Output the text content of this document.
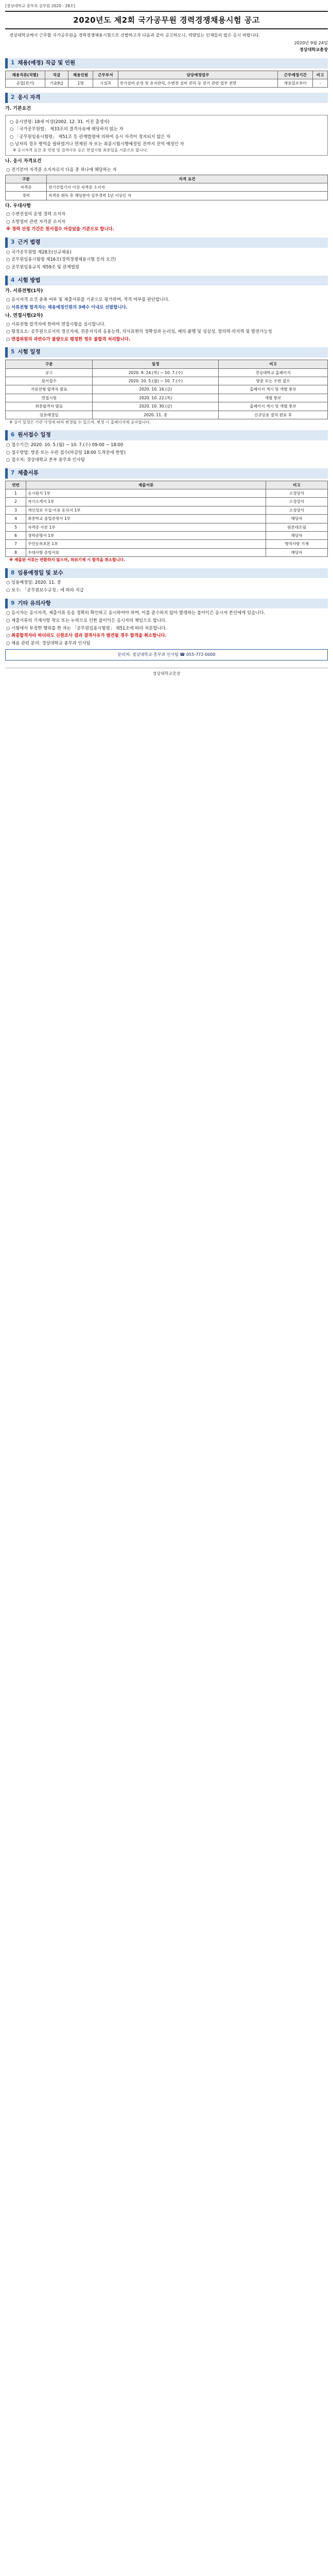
[경상대학교 총무과 공무원 2020 - 28호]
2020년도 제2회 국가공무원 경력경쟁채용시험 공고
경상대학교에서 근무할 국가공무원을 경력경쟁채용시험으로 선발하고자 다음과 같이 공고하오니, 역량있는 인재들의 많은 응시 바랍니다.
2020년 9월 24일
경상대학교총장
1 채용(예정) 직급 및 인원
채용직류(직렬)	직급	채용인원	근무부서	담당예정업무	근무예정기간	비고
공업(전기)	기술9급	1명	시설과	전기설비 운영 및 유지관리, 수변전 설비 관리 등 전기 관련 업무 전반	채용일로부터	-
2 응시 자격
가. 기본요건
○ 응시연령: 18세 이상(2002. 12. 31. 이전 출생자)
○ 「국가공무원법」 제33조의 결격사유에 해당하지 않는 자
○ 「공무원임용시험령」 제51조 등 관계법령에 의하여 응시 자격이 정지되지 않은 자
○ 남자의 경우 병역을 필하였거나 면제된 자 또는 최종시험시행예정일 전까지 전역 예정인 자
※ 응시자격 요건 중 연령 및 결격사유 등은 면접시험 최종일을 기준으로 합니다.
나. 응시 자격요건
○ 전기분야 자격증 소지자로서 다음 중 하나에 해당하는 자
구분	자격 요건
자격증	전기산업기사 이상 자격증 소지자
경력	자격증 취득 후 해당분야 실무경력 1년 이상인 자
다. 우대사항
○ 수변전설비 운영 경력 소지자
○ 소방설비 관련 자격증 소지자
※ 경력 산정 기간은 원서접수 마감일을 기준으로 합니다.
3 근거 법령
○ 국가공무원법 제28조(신규채용)
○ 공무원임용시험령 제16조(경력경쟁채용시험 등의 요건)
○ 공무원임용규칙 제59조 및 관계법령
4 시험 방법
가. 서류전형(1차)
○ 응시자격 요건 충족 여부 및 제출서류를 기준으로 평가하며, 적격 여부를 판단합니다.
○ 서류전형 합격자는 채용예정인원의 3배수 이내로 선발합니다.
나. 면접시험(2차)
○ 서류전형 합격자에 한하여 면접시험을 실시합니다.
○ 평정요소: 공무원으로서의 정신자세, 전문지식과 응용능력, 의사표현의 정확성과 논리성, 예의·품행 및 성실성, 창의력·의지력 및 발전가능성
○ 면접위원의 과반수가 불량으로 평정한 경우 불합격 처리합니다.
5 시험 일정
구분	일정	비고
공고	2020. 9. 24.(목) ~ 10. 7.(수)	경상대학교 홈페이지
원서접수	2020. 10. 5.(월) ~ 10. 7.(수)	방문 또는 우편 접수
서류전형 합격자 발표	2020. 10. 16.(금)	홈페이지 게시 및 개별 통보
면접시험	2020. 10. 22.(목)	개별 통보
최종합격자 발표	2020. 10. 30.(금)	홈페이지 게시 및 개별 통보
임용예정일	2020. 11. 중	신규임용 절차 완료 후
※ 상기 일정은 기관 사정에 따라 변경될 수 있으며, 변경 시 홈페이지에 공지합니다.
6 원서접수 일정
○ 접수기간: 2020. 10. 5.(월) ~ 10. 7.(수) 09:00 ~ 18:00
○ 접수방법: 방문 또는 우편 접수(마감일 18:00 도착분에 한함)
○ 접수처: 경상대학교 본부 총무과 인사팀
7 제출서류
연번	제출서류	비고
1	응시원서 1부	소정양식
2	자기소개서 1부	소정양식
3	개인정보 수집·이용 동의서 1부	소정양식
4	최종학교 졸업증명서 1부	해당자
5	자격증 사본 1부	원본대조필
6	경력증명서 1부	해당자
7	주민등록초본 1부	병역사항 기재
8	우대사항 증빙서류	해당자
※ 제출된 서류는 반환하지 않으며, 허위기재 시 합격을 취소합니다.
8 임용예정일 및 보수
○ 임용예정일: 2020. 11. 중
○ 보수: 「공무원보수규정」에 따라 지급
9 기타 유의사항
○ 응시자는 응시자격, 제출서류 등을 정확히 확인하고 응시하여야 하며, 이를 준수하지 않아 발생하는 불이익은 응시자 본인에게 있습니다.
○ 제출서류의 기재사항 착오 또는 누락으로 인한 불이익은 응시자의 책임으로 합니다.
○ 시험에서 부정한 행위를 한 자는 「공무원임용시험령」 제51조에 따라 처분합니다.
○ 최종합격자라 하더라도 신원조사 결과 결격사유가 발견될 경우 합격을 취소합니다.
○ 채용 관련 문의: 경상대학교 총무과 인사팀
문의처: 경상대학교 총무과 인사팀 ☎ 055-772-0000
경상대학교총장
